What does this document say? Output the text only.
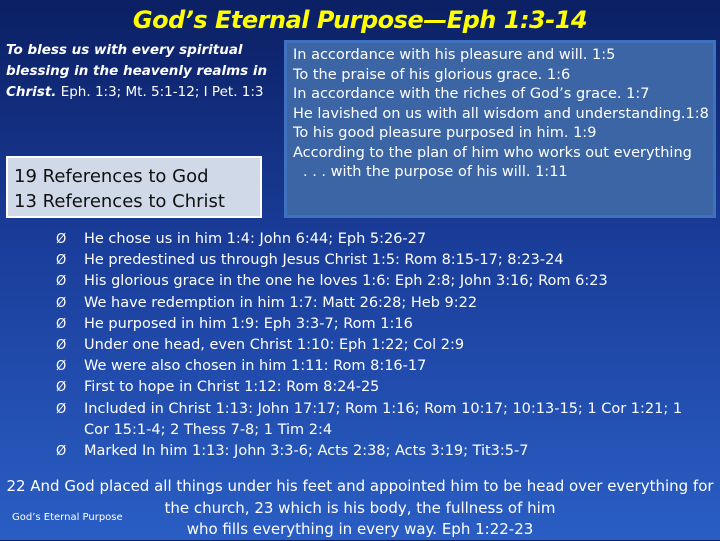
God’s Eternal Purpose—Eph 1:3-14
To bless us with every spiritual blessing in the heavenly realms in Christ. Eph. 1:3; Mt. 5:1-12; I Pet. 1:3
19 References to God
13 References to Christ
In accordance with his pleasure and will. 1:5
To the praise of his glorious grace. 1:6
In accordance with the riches of God’s grace. 1:7
He lavished on us with all wisdom and understanding.1:8
To his good pleasure purposed in him. 1:9
According to the plan of him who works out everything
. . . with the purpose of his will. 1:11
Ø	He chose us in him 1:4: John 6:44; Eph 5:26-27
Ø	He predestined us through Jesus Christ 1:5: Rom 8:15-17; 8:23-24
Ø	His glorious grace in the one he loves 1:6: Eph 2:8; John 3:16; Rom 6:23
Ø	We have redemption in him 1:7: Matt 26:28; Heb 9:22
Ø	He purposed in him 1:9: Eph 3:3-7; Rom 1:16
Ø	Under one head, even Christ 1:10: Eph 1:22; Col 2:9
Ø	We were also chosen in him 1:11: Rom 8:16-17
Ø	First to hope in Christ 1:12: Rom 8:24-25
Ø	Included in Christ 1:13: John 17:17; Rom 1:16; Rom 10:17; 10:13-15; 1 Cor 1:21; 1 Cor 15:1-4; 2 Thess 7-8; 1 Tim 2:4
Ø	Marked In him 1:13: John 3:3-6; Acts 2:38; Acts 3:19; Tit3:5-7
22 And God placed all things under his feet and appointed him to be head over everything for
the church, 23 which is his body, the fullness of him
who fills everything in every way. Eph 1:22-23
God’s Eternal Purpose
